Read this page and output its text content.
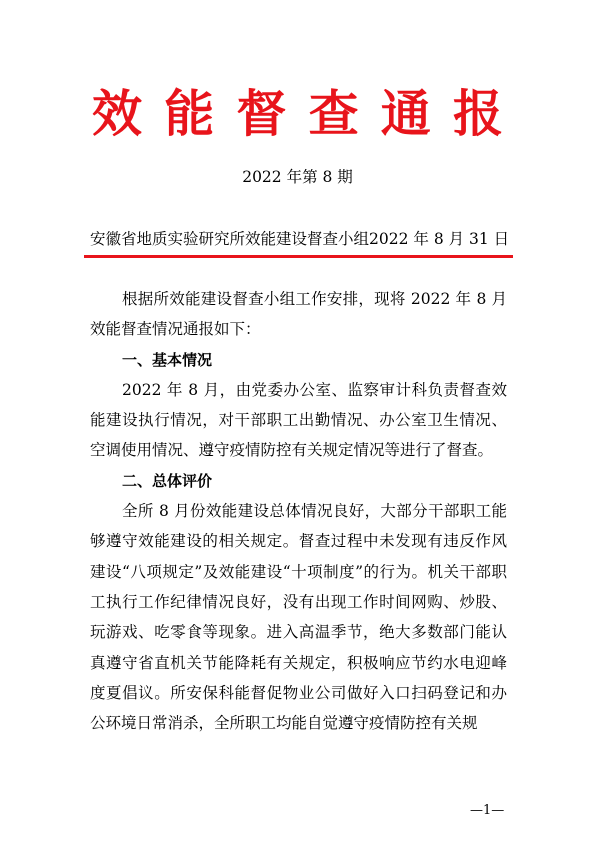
效 能 督 查 通 报
2022 年第 8 期
安徽省地质实验研究所效能建设督查小组 2022 年 8 月 31 日

根据所效能建设督查小组工作安排，现将 2022 年 8 月效能督查情况通报如下：

一、基本情况

2022 年 8 月，由党委办公室、监察审计科负责督查效能建设执行情况，对干部职工出勤情况、办公室卫生情况、空调使用情况、遵守疫情防控有关规定情况等进行了督查。

二、总体评价

全所 8 月份效能建设总体情况良好，大部分干部职工能够遵守效能建设的相关规定。督查过程中未发现有违反作风建设“八项规定”及效能建设“十项制度”的行为。机关干部职工执行工作纪律情况良好，没有出现工作时间网购、炒股、玩游戏、吃零食等现象。进入高温季节，绝大多数部门能认真遵守省直机关节能降耗有关规定，积极响应节约水电迎峰度夏倡议。所安保科能督促物业公司做好入口扫码登记和办公环境日常消杀，全所职工均能自觉遵守疫情防控有关规

—1—
